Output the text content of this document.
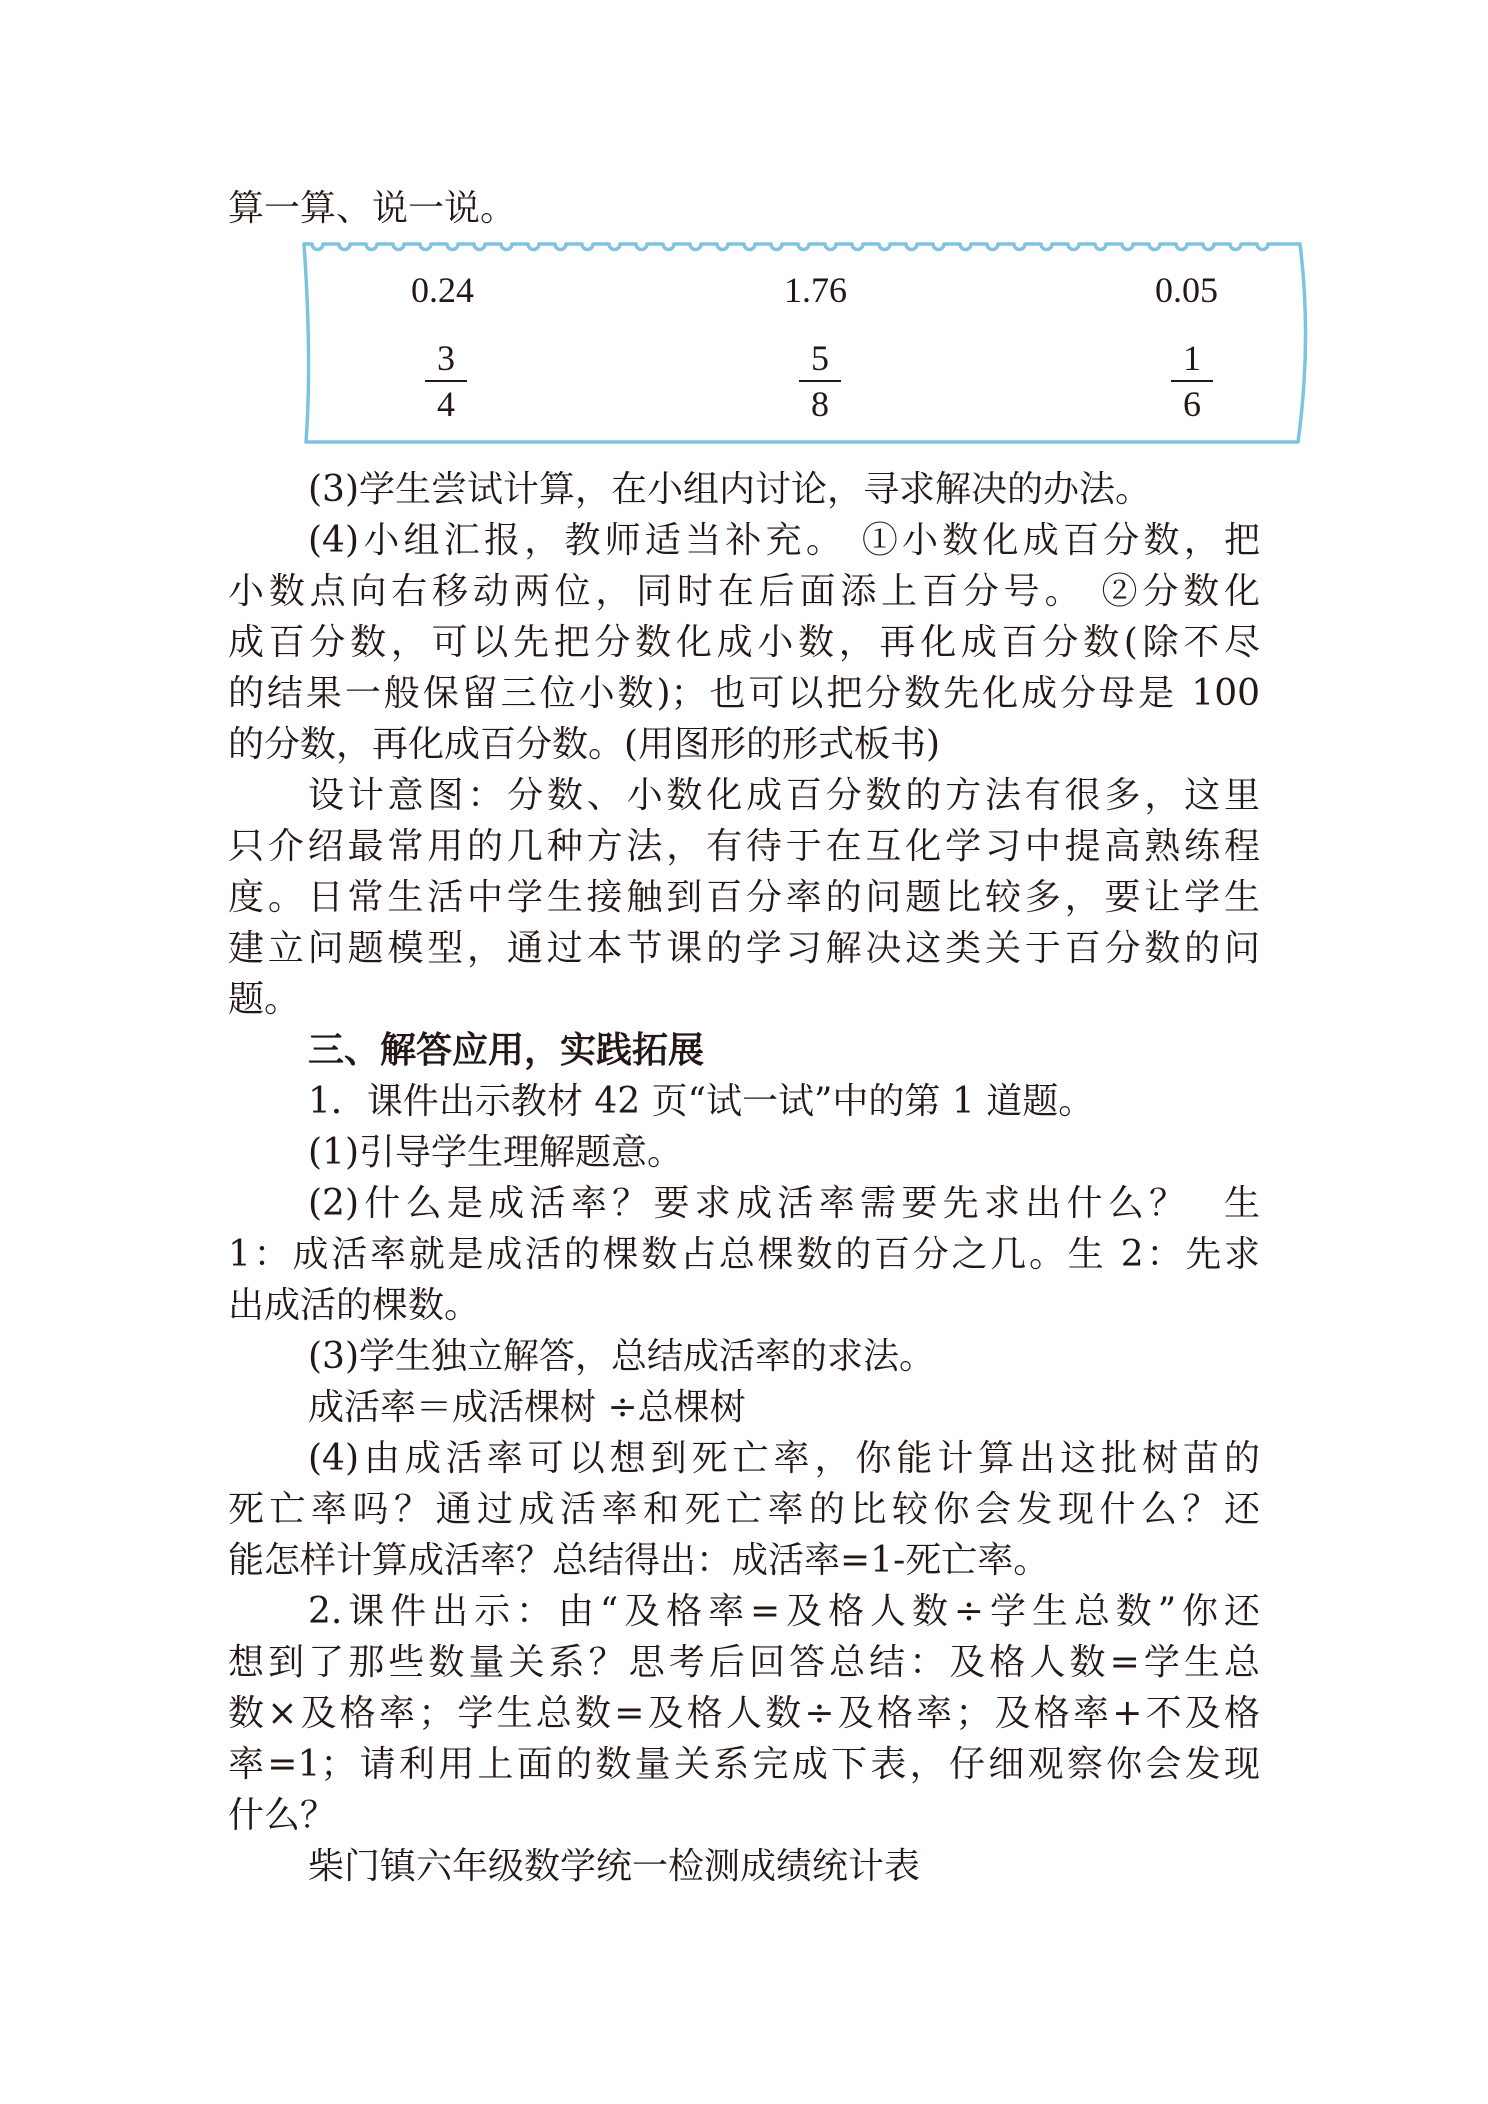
算一算、说一说。
0.24	1.76	0.05
3
4
5
8
1
6
(3)学生尝试计算，在小组内讨论，寻求解决的办法。
(4)小组汇报，教师适当补充。 ①小数化成百分数，把
小数点向右移动两位，同时在后面添上百分号。 ②分数化
成百分数，可以先把分数化成小数，再化成百分数(除不尽
的结果一般保留三位小数)；也可以把分数先化成分母是 100
的分数，再化成百分数。(用图形的形式板书)
设计意图：分数、小数化成百分数的方法有很多，这里
只介绍最常用的几种方法，有待于在互化学习中提高熟练程
度。日常生活中学生接触到百分率的问题比较多，要让学生
建立问题模型，通过本节课的学习解决这类关于百分数的问
题。
三、解答应用，实践拓展
1．课件出示教材 42 页“试一试”中的第 1 道题。
(1)引导学生理解题意。
(2)什么是成活率？要求成活率需要先求出什么？  生
1：成活率就是成活的棵数占总棵数的百分之几。生 2：先求
出成活的棵数。
(3)学生独立解答，总结成活率的求法。
成活率＝成活棵树 ÷总棵树
(4)由成活率可以想到死亡率，你能计算出这批树苗的
死亡率吗？通过成活率和死亡率的比较你会发现什么？还
能怎样计算成活率？总结得出：成活率=1-死亡率。
2.课件出示：由“及格率=及格人数÷学生总数”你还
想到了那些数量关系？思考后回答总结：及格人数=学生总
数×及格率；学生总数=及格人数÷及格率；及格率+不及格
率=1；请利用上面的数量关系完成下表，仔细观察你会发现
什么？
柴门镇六年级数学统一检测成绩统计表
